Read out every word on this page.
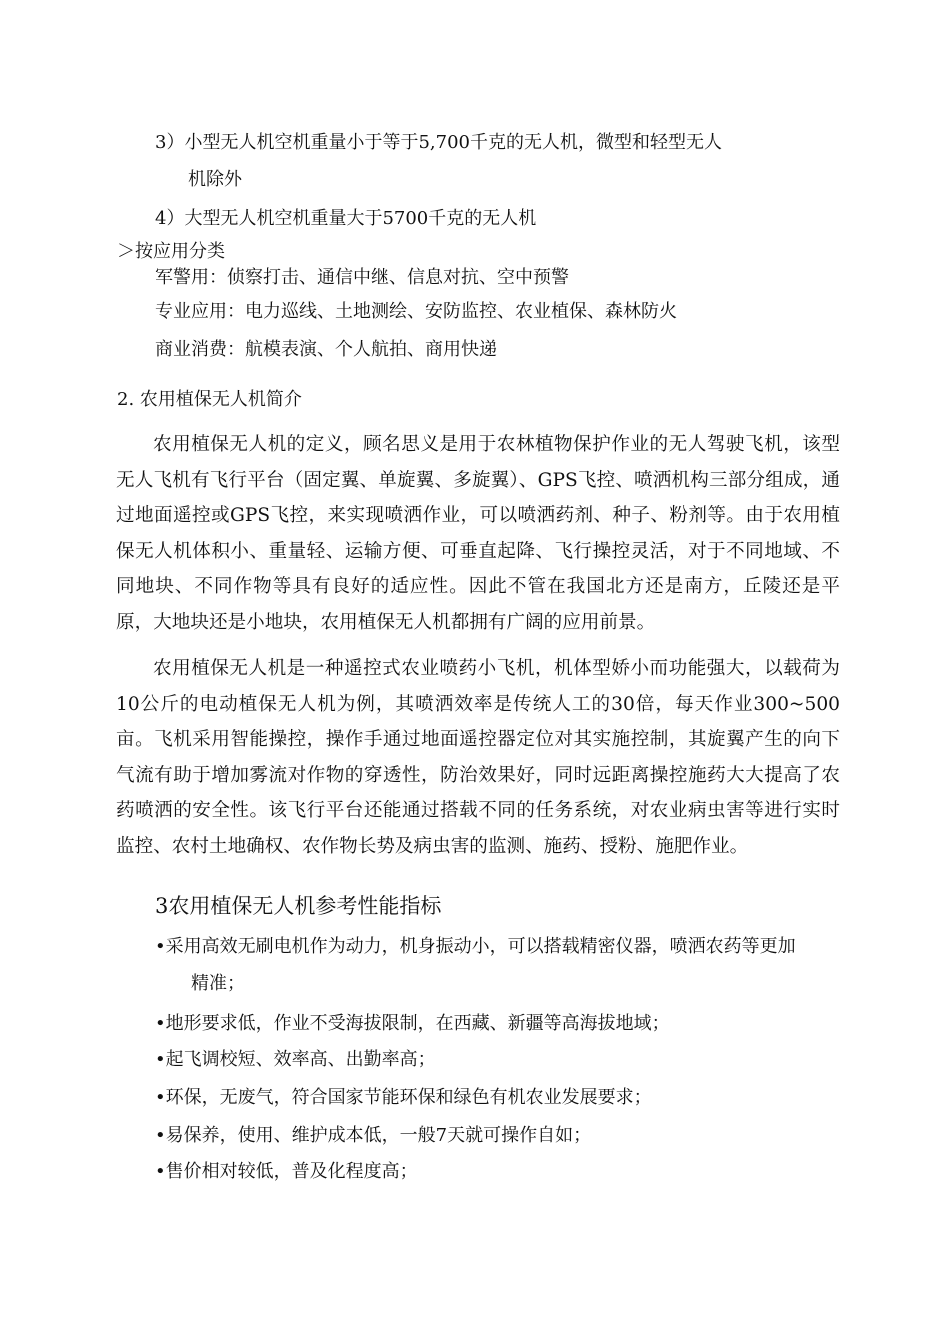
3）小型无人机空机重量小于等于5,700千克的无人机，微型和轻型无人
机除外
4）大型无人机空机重量大于5700千克的无人机
＞按应用分类
军警用：侦察打击、通信中继、信息对抗、空中预警
专业应用：电力巡线、土地测绘、安防监控、农业植保、森林防火
商业消费：航模表演、个人航拍、商用快递
2. 农用植保无人机简介
农用植保无人机的定义，顾名思义是用于农林植物保护作业的无人驾驶飞机，该型无人飞机有飞行平台（固定翼、单旋翼、多旋翼）、GPS飞控、喷洒机构三部分组成，通过地面遥控或GPS飞控，来实现喷洒作业，可以喷洒药剂、种子、粉剂等。由于农用植保无人机体积小、重量轻、运输方便、可垂直起降、飞行操控灵活，对于不同地域、不同地块、不同作物等具有良好的适应性。因此不管在我国北方还是南方，丘陵还是平原，大地块还是小地块，农用植保无人机都拥有广阔的应用前景。
农用植保无人机是一种遥控式农业喷药小飞机，机体型娇小而功能强大，以载荷为10公斤的电动植保无人机为例，其喷洒效率是传统人工的30倍，每天作业300~500亩。飞机采用智能操控，操作手通过地面遥控器定位对其实施控制，其旋翼产生的向下气流有助于增加雾流对作物的穿透性，防治效果好，同时远距离操控施药大大提高了农药喷洒的安全性。该飞行平台还能通过搭载不同的任务系统，对农业病虫害等进行实时监控、农村土地确权、农作物长势及病虫害的监测、施药、授粉、施肥作业。
3农用植保无人机参考性能指标
•采用高效无刷电机作为动力，机身振动小，可以搭载精密仪器，喷洒农药等更加
精准；
•地形要求低，作业不受海拔限制，在西藏、新疆等高海拔地域；
•起飞调校短、效率高、出勤率高；
•环保，无废气，符合国家节能环保和绿色有机农业发展要求；
•易保养，使用、维护成本低，一般7天就可操作自如；
•售价相对较低，普及化程度高；
